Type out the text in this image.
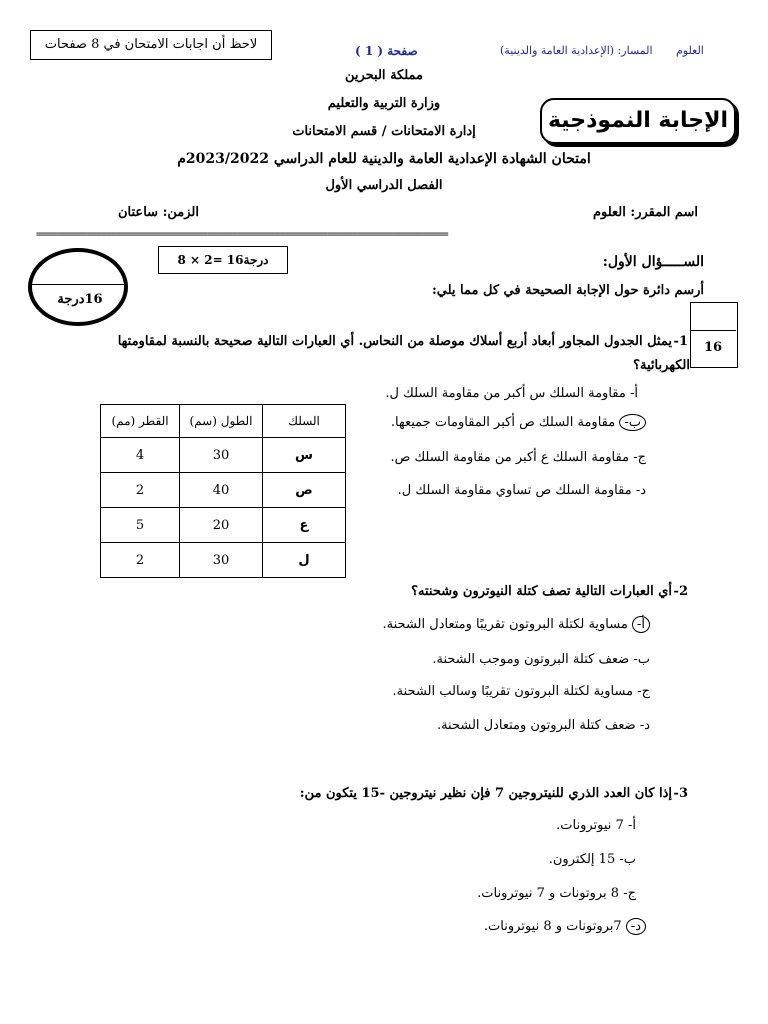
لاحظ أن اجابات الامتحان في 8 صفحات	صفحة ( 1 )	المسار: (الإعدادية العامة والدينية) العلوم
مملكة البحرين
وزارة التربية والتعليم
إدارة الامتحانات / قسم الامتحانات
امتحان الشهادة الإعدادية العامة والدينية للعام الدراسي 2023/2022م
الفصل الدراسي الأول
الإجابة النموذجية
اسم المقرر: العلوم
الزمن: ساعتان
==================================================================================
16درجة
8 × 2= 16درجة	الســـــؤال الأول:
أرسم دائرة حول الإجابة الصحيحة في كل مما يلي:
16
1-
يمثل الجدول المجاور أبعاد أربع أسلاك موصلة من النحاس. أي العبارات التالية صحيحة بالنسبة لمقاومتها
الكهربائية؟
أ- مقاومة السلك س أكبر من مقاومة السلك ل.
ب- مقاومة السلك ص أكبر المقاومات جميعها.
ج- مقاومة السلك ع أكبر من مقاومة السلك ص.
د- مقاومة السلك ص تساوي مقاومة السلك ل.
السلك	الطول (سم)	القطر (مم)
س	30	4
ص	40	2
ع	20	5
ل	30	2
2-
أي العبارات التالية تصف كتلة النيوترون وشحنته؟
أ- مساوية لكتلة البروتون تقريبًا ومتعادل الشحنة.
ب- ضعف كتلة البروتون وموجب الشحنة.
ج- مساوية لكتلة البروتون تقريبًا وسالب الشحنة.
د- ضعف كتلة البروتون ومتعادل الشحنة.
3-
إذا كان العدد الذري للنيتروجين 7 فإن نظير نيتروجين -15 يتكون من:
أ- 7 نيوترونات.
ب- 15 إلكترون.
ج- 8 بروتونات و 7 نيوترونات.
د- 7بروتونات و 8 نيوترونات.
